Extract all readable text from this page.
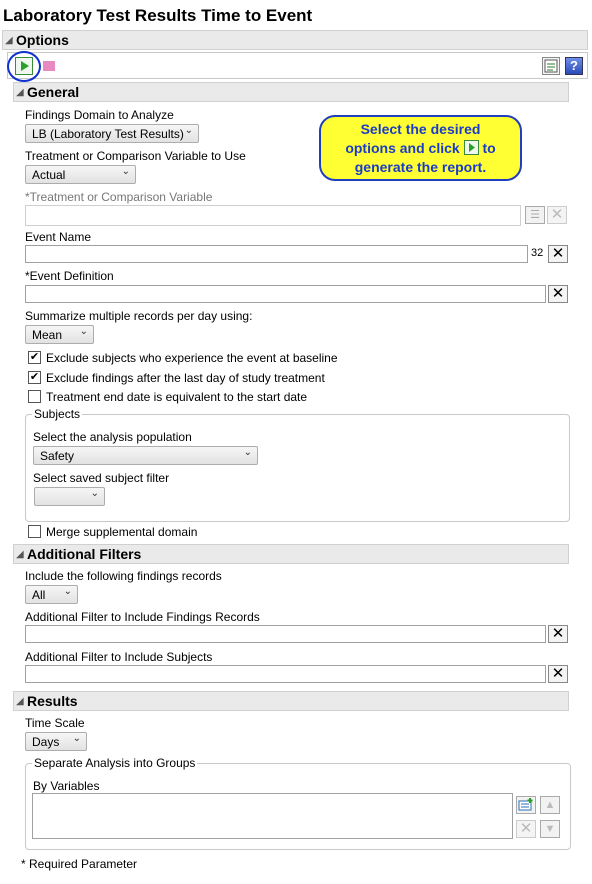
Laboratory Test Results Time to Event
◢ Options
?
◢ General
Findings Domain to Analyze
LB (Laboratory Test Results) ⌄
Treatment or Comparison Variable to Use
Actual	⌄
*Treatment or Comparison Variable
☰ ✕
Event Name
32 ✕
*Event Definition
✕
Summarize multiple records per day using:
Mean ⌄
✔ Exclude subjects who experience the event at baseline
✔ Exclude findings after the last day of study treatment
Treatment end date is equivalent to the start date
Subjects
Select the analysis population
Safety	⌄
Select saved subject filter
⌄
Merge supplemental domain
Select the desired
options and click to
generate the report.
◢ Additional Filters
Include the following findings records
All ⌄
Additional Filter to Include Findings Records
✕
Additional Filter to Include Subjects
✕
◢ Results
Time Scale
Days ⌄
Separate Analysis into Groups
By Variables
▲
✕	▼
* Required Parameter
